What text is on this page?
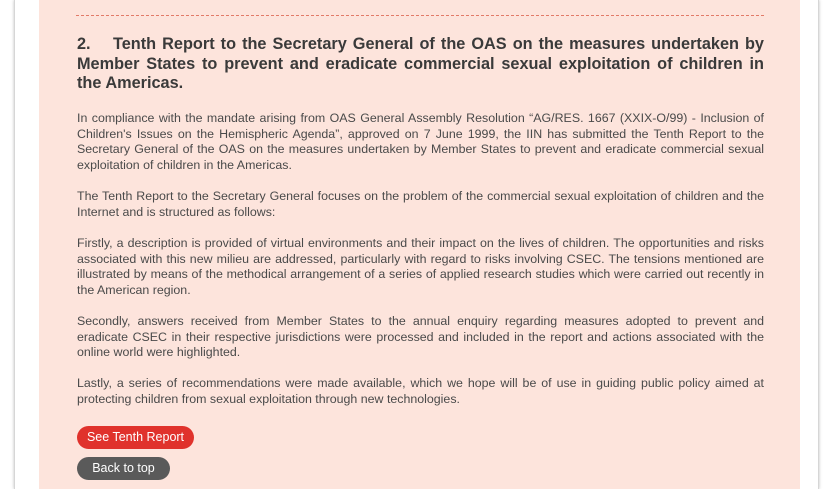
2. Tenth Report to the Secretary General of the OAS on the measures undertaken by Member States to prevent and eradicate commercial sexual exploitation of children in the Americas.

In compliance with the mandate arising from OAS General Assembly Resolution “AG/RES. 1667 (XXIX-O/99) - Inclusion of Children's Issues on the Hemispheric Agenda”, approved on 7 June 1999, the IIN has submitted the Tenth Report to the Secretary General of the OAS on the measures undertaken by Member States to prevent and eradicate commercial sexual exploitation of children in the Americas.

The Tenth Report to the Secretary General focuses on the problem of the commercial sexual exploitation of children and the Internet and is structured as follows:

Firstly, a description is provided of virtual environments and their impact on the lives of children. The opportunities and risks associated with this new milieu are addressed, particularly with regard to risks involving CSEC. The tensions mentioned are illustrated by means of the methodical arrangement of a series of applied research studies which were carried out recently in the American region.

Secondly, answers received from Member States to the annual enquiry regarding measures adopted to prevent and eradicate CSEC in their respective jurisdictions were processed and included in the report and actions associated with the online world were highlighted.

Lastly, a series of recommendations were made available, which we hope will be of use in guiding public policy aimed at protecting children from sexual exploitation through new technologies.

See Tenth Report
Back to top
